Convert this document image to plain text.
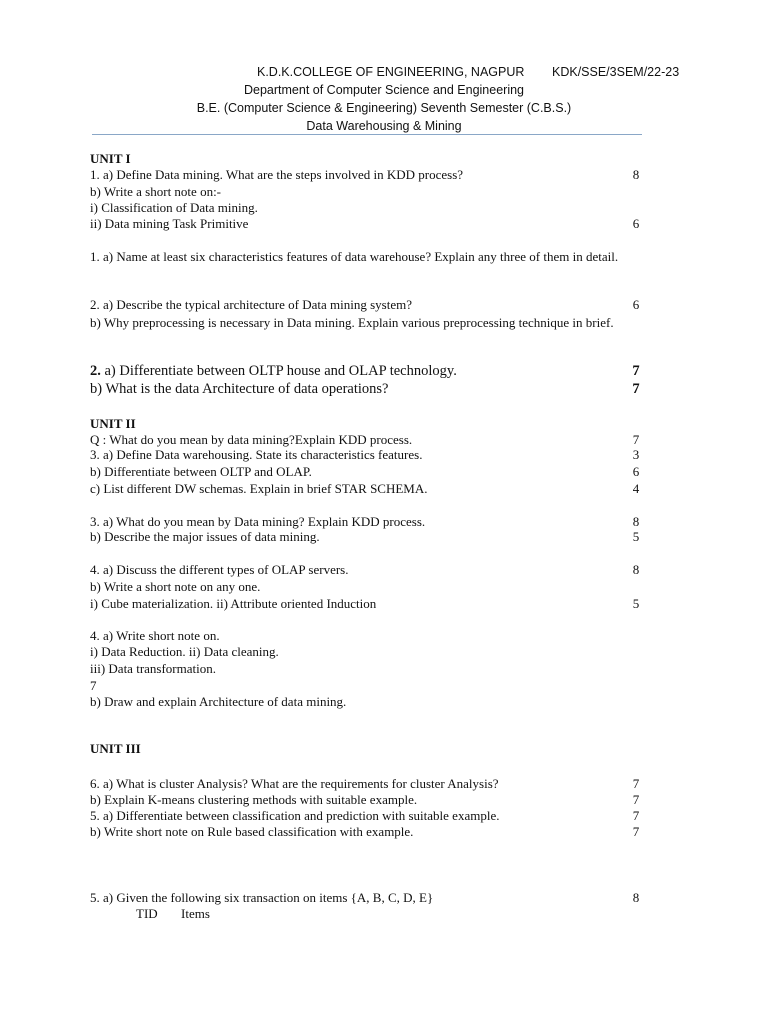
K.D.K.COLLEGE OF ENGINEERING, NAGPUR KDK/SSE/3SEM/22-23
Department of Computer Science and Engineering
B.E. (Computer Science & Engineering) Seventh Semester (C.B.S.)
Data Warehousing & Mining
UNIT I
1. a) Define Data mining. What are the steps involved in KDD process?	8
b) Write a short note on:-
i) Classification of Data mining.
ii) Data mining Task Primitive	6
1. a) Name at least six characteristics features of data warehouse? Explain any three of them in detail.
2. a) Describe the typical architecture of Data mining system?	6
b) Why preprocessing is necessary in Data mining. Explain various preprocessing technique in brief.
2. a) Differentiate between OLTP house and OLAP technology.	7
b) What is the data Architecture of data operations?	7
UNIT II
Q : What do you mean by data mining?Explain KDD process.	7
3. a) Define Data warehousing. State its characteristics features.	3
b) Differentiate between OLTP and OLAP.	6
c) List different DW schemas. Explain in brief STAR SCHEMA.	4
3. a) What do you mean by Data mining? Explain KDD process.	8
b) Describe the major issues of data mining.	5
4. a) Discuss the different types of OLAP servers.	8
b) Write a short note on any one.
i) Cube materialization. ii) Attribute oriented Induction	5
4. a) Write short note on.
i) Data Reduction. ii) Data cleaning.
iii) Data transformation.
7
b) Draw and explain Architecture of data mining.
UNIT III
6. a) What is cluster Analysis? What are the requirements for cluster Analysis?	7
b) Explain K-means clustering methods with suitable example.	7
5. a) Differentiate between classification and prediction with suitable example.	7
b) Write short note on Rule based classification with example.	7
5. a) Given the following six transaction on items {A, B, C, D, E}	8
TID Items
